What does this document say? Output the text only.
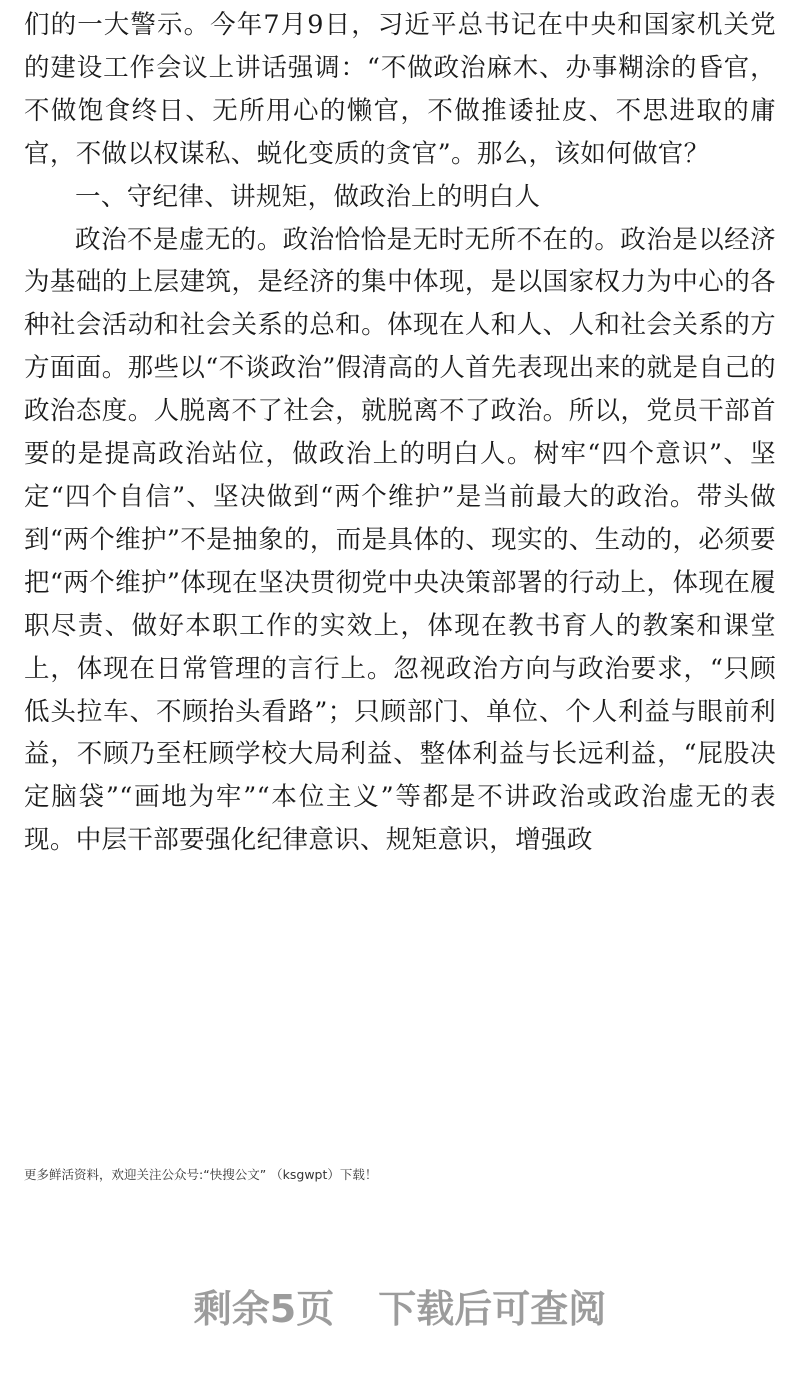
们的一大警示。今年7月9日，习近平总书记在中央和国家机关党的建设工作会议上讲话强调：“不做政治麻木、办事糊涂的昏官，不做饱食终日、无所用心的懒官，不做推诿扯皮、不思进取的庸官，不做以权谋私、蜕化变质的贪官”。那么，该如何做官？

一、守纪律、讲规矩，做政治上的明白人

政治不是虚无的。政治恰恰是无时无所不在的。政治是以经济为基础的上层建筑，是经济的集中体现，是以国家权力为中心的各种社会活动和社会关系的总和。体现在人和人、人和社会关系的方方面面。那些以“不谈政治”假清高的人首先表现出来的就是自己的政治态度。人脱离不了社会，就脱离不了政治。所以，党员干部首要的是提高政治站位，做政治上的明白人。树牢“四个意识”、坚定“四个自信”、坚决做到“两个维护”是当前最大的政治。带头做到“两个维护”不是抽象的，而是具体的、现实的、生动的，必须要把“两个维护”体现在坚决贯彻党中央决策部署的行动上，体现在履职尽责、做好本职工作的实效上，体现在教书育人的教案和课堂上，体现在日常管理的言行上。忽视政治方向与政治要求，“只顾低头拉车、不顾抬头看路”；只顾部门、单位、个人利益与眼前利益，不顾乃至枉顾学校大局利益、整体利益与长远利益，“屁股决定脑袋”“画地为牢”“本位主义”等都是不讲政治或政治虚无的表现。中层干部要强化纪律意识、规矩意识，增强政

更多鲜活资料，欢迎关注公众号:“快搜公文” （ksgwpt）下载！
剩余5页 下载后可查阅
